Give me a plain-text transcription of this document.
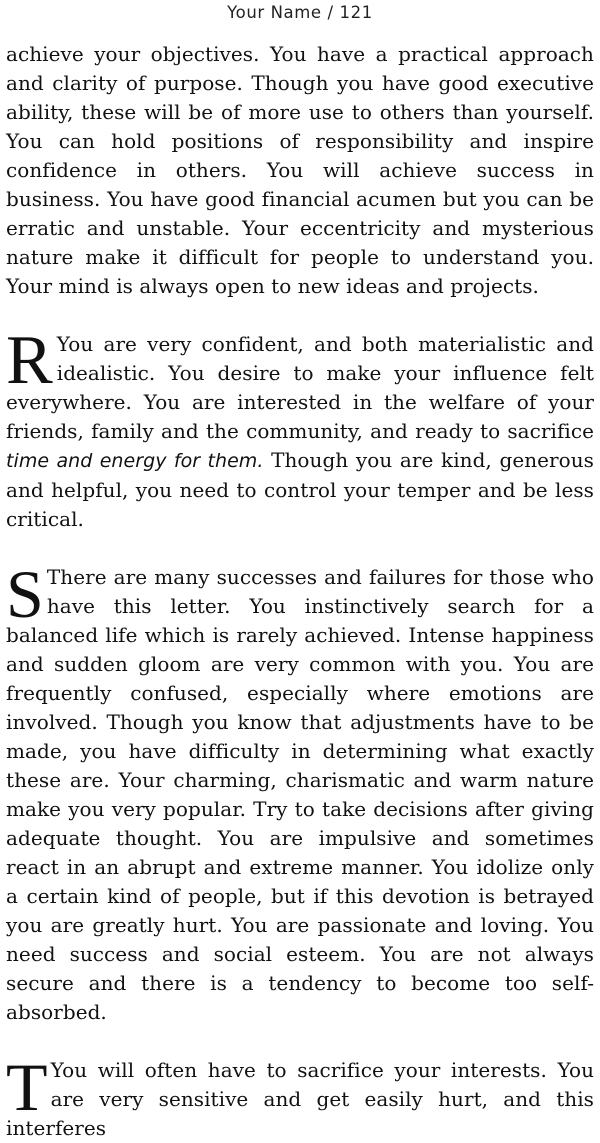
Your Name / 121

achieve your objectives. You have a practical approach and clarity of purpose. Though you have good executive ability, these will be of more use to others than yourself. You can hold positions of responsibility and inspire confidence in others. You will achieve success in business. You have good financial acumen but you can be erratic and unstable. Your eccentricity and mysterious nature make it difficult for people to understand you. Your mind is always open to new ideas and projects.

R You are very confident, and both materialistic and idealistic. You desire to make your influence felt everywhere. You are interested in the welfare of your friends, family and the community, and ready to sacrifice time and energy for them. Though you are kind, generous and helpful, you need to control your temper and be less critical.

S There are many successes and failures for those who have this letter. You instinctively search for a balanced life which is rarely achieved. Intense happiness and sudden gloom are very common with you. You are frequently confused, especially where emotions are involved. Though you know that adjustments have to be made, you have difficulty in determining what exactly these are. Your charming, charismatic and warm nature make you very popular. Try to take decisions after giving adequate thought. You are impulsive and sometimes react in an abrupt and extreme manner. You idolize only a certain kind of people, but if this devotion is betrayed you are greatly hurt. You are passionate and loving. You need success and social esteem. You are not always secure and there is a tendency to become too self-absorbed.

T You will often have to sacrifice your interests. You are very sensitive and get easily hurt, and this interferes
